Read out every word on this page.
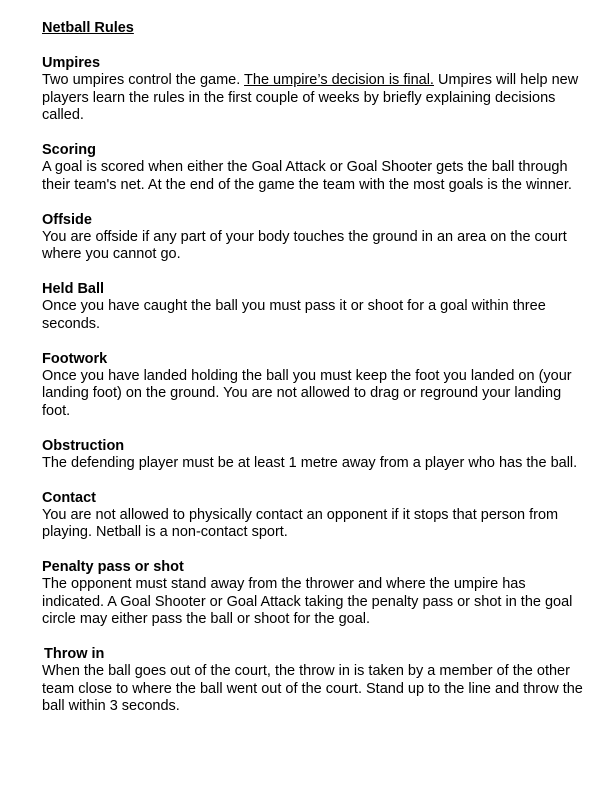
Netball Rules
Umpires
Two umpires control the game. The umpire’s decision is final. Umpires will help new players learn the rules in the first couple of weeks by briefly explaining decisions called.
Scoring
A goal is scored when either the Goal Attack or Goal Shooter gets the ball through their team's net. At the end of the game the team with the most goals is the winner.
Offside
You are offside if any part of your body touches the ground in an area on the court where you cannot go.
Held Ball
Once you have caught the ball you must pass it or shoot for a goal within three seconds.
Footwork
Once you have landed holding the ball you must keep the foot you landed on (your landing foot) on the ground. You are not allowed to drag or reground your landing foot.
Obstruction
The defending player must be at least 1 metre away from a player who has the ball.
Contact
You are not allowed to physically contact an opponent if it stops that person from playing. Netball is a non-contact sport.
Penalty pass or shot
The opponent must stand away from the thrower and where the umpire has indicated. A Goal Shooter or Goal Attack taking the penalty pass or shot in the goal circle may either pass the ball or shoot for the goal.
Throw in
When the ball goes out of the court, the throw in is taken by a member of the other team close to where the ball went out of the court. Stand up to the line and throw the ball within 3 seconds.
